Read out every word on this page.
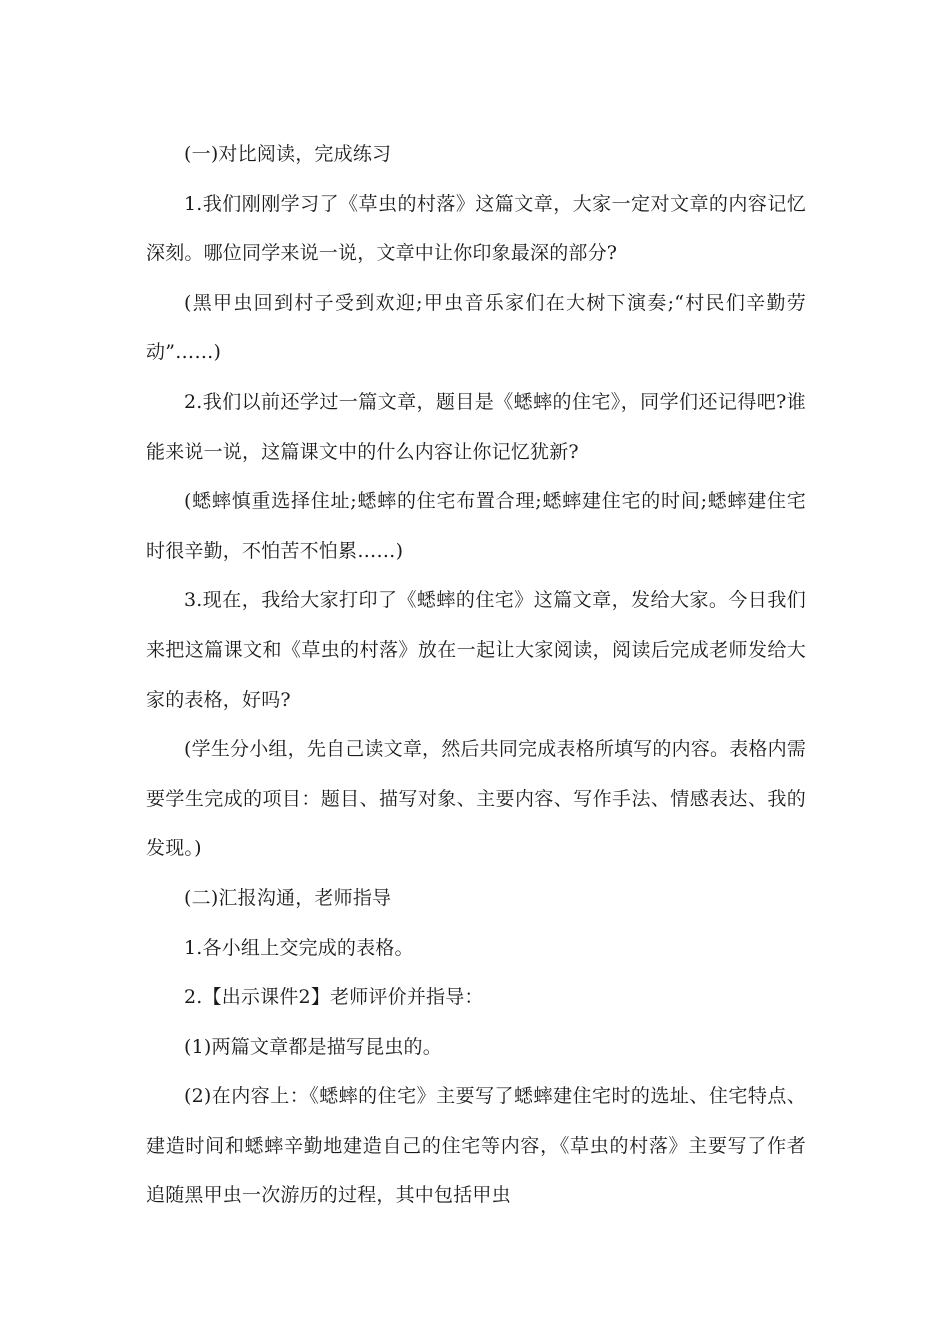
(一)对比阅读，完成练习

1.我们刚刚学习了《草虫的村落》这篇文章，大家一定对文章的内容记忆深刻。哪位同学来说一说，文章中让你印象最深的部分?

(黑甲虫回到村子受到欢迎;甲虫音乐家们在大树下演奏;“村民们辛勤劳动”……)

2.我们以前还学过一篇文章，题目是《蟋蟀的住宅》，同学们还记得吧?谁能来说一说，这篇课文中的什么内容让你记忆犹新?

(蟋蟀慎重选择住址;蟋蟀的住宅布置合理;蟋蟀建住宅的时间;蟋蟀建住宅时很辛勤，不怕苦不怕累……)

3.现在，我给大家打印了《蟋蟀的住宅》这篇文章，发给大家。今日我们来把这篇课文和《草虫的村落》放在一起让大家阅读，阅读后完成老师发给大家的表格，好吗?

(学生分小组，先自己读文章，然后共同完成表格所填写的内容。表格内需要学生完成的项目：题目、描写对象、主要内容、写作手法、情感表达、我的发现。)

(二)汇报沟通，老师指导

1.各小组上交完成的表格。

2.【出示课件2】老师评价并指导：

(1)两篇文章都是描写昆虫的。

(2)在内容上：《蟋蟀的住宅》主要写了蟋蟀建住宅时的选址、住宅特点、建造时间和蟋蟀辛勤地建造自己的住宅等内容，《草虫的村落》主要写了作者追随黑甲虫一次游历的过程，其中包括甲虫
